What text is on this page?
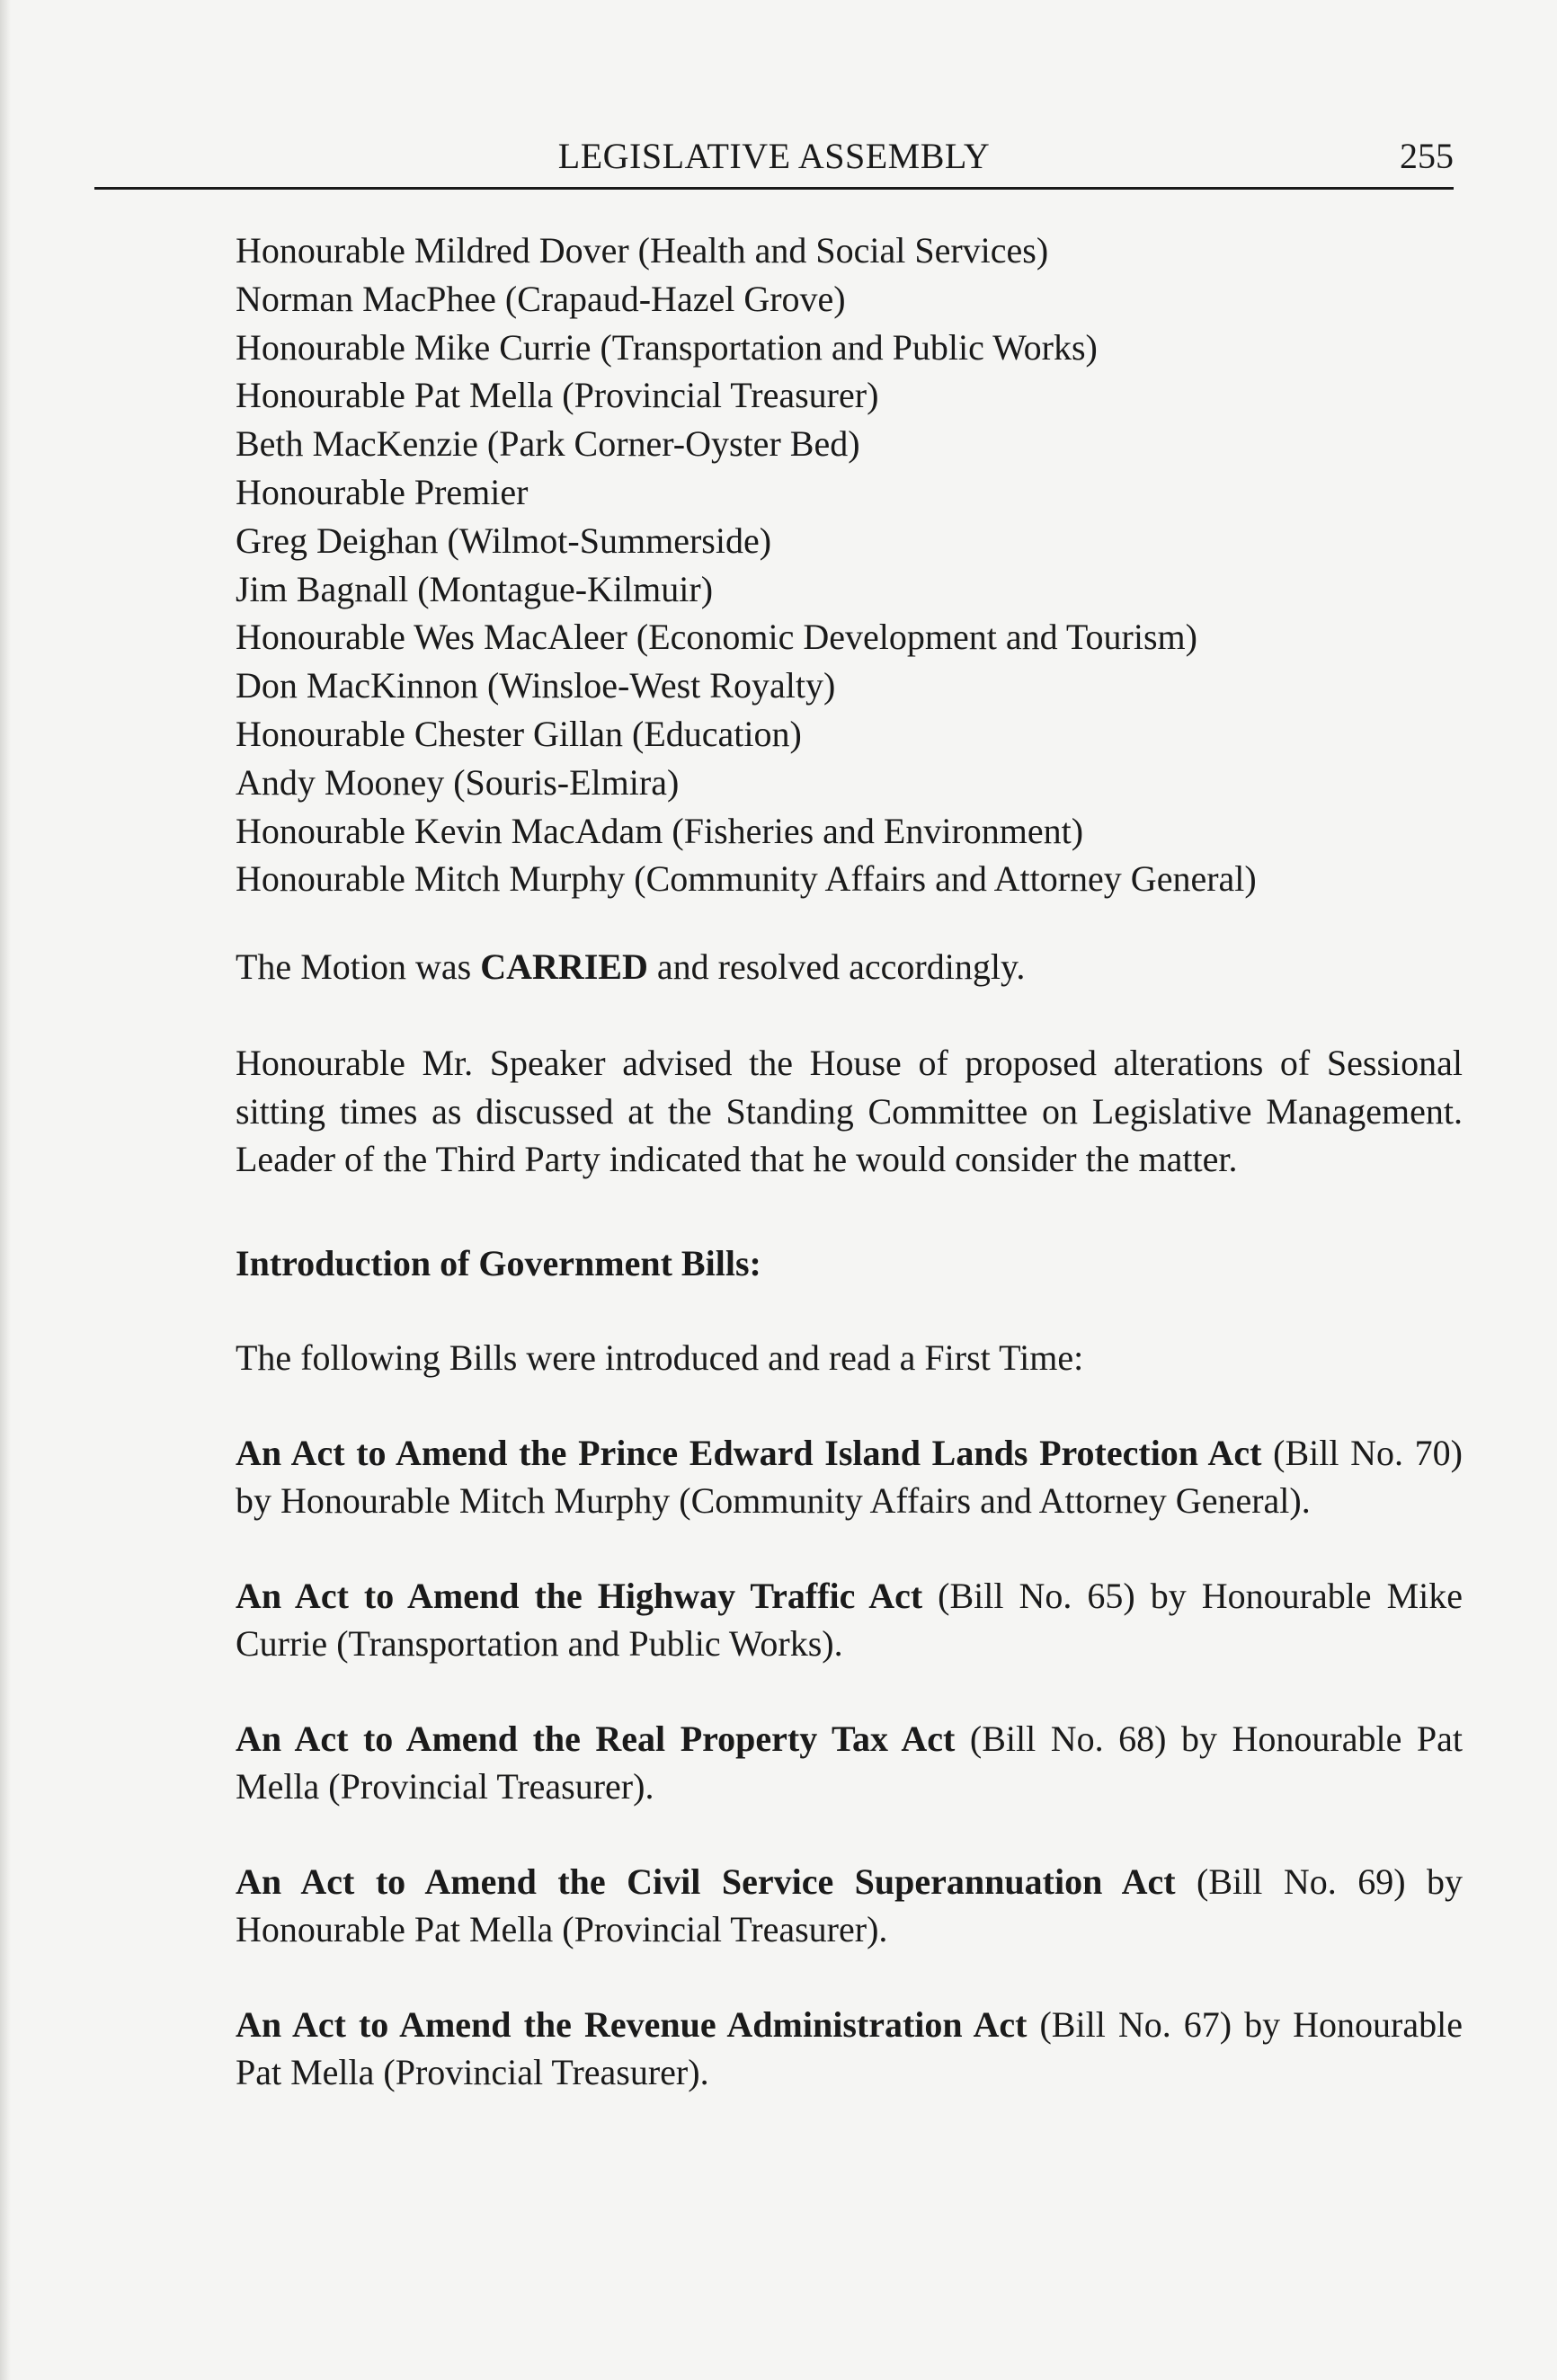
LEGISLATIVE ASSEMBLY	255
Honourable Mildred Dover (Health and Social Services)
Norman MacPhee (Crapaud-Hazel Grove)
Honourable Mike Currie (Transportation and Public Works)
Honourable Pat Mella (Provincial Treasurer)
Beth MacKenzie (Park Corner-Oyster Bed)
Honourable Premier
Greg Deighan (Wilmot-Summerside)
Jim Bagnall (Montague-Kilmuir)
Honourable Wes MacAleer (Economic Development and Tourism)
Don MacKinnon (Winsloe-West Royalty)
Honourable Chester Gillan (Education)
Andy Mooney (Souris-Elmira)
Honourable Kevin MacAdam (Fisheries and Environment)
Honourable Mitch Murphy (Community Affairs and Attorney General)

The Motion was CARRIED and resolved accordingly.

Honourable Mr. Speaker advised the House of proposed alterations of Sessional sitting times as discussed at the Standing Committee on Legislative Management. Leader of the Third Party indicated that he would consider the matter.

Introduction of Government Bills:

The following Bills were introduced and read a First Time:

An Act to Amend the Prince Edward Island Lands Protection Act (Bill No. 70) by Honourable Mitch Murphy (Community Affairs and Attorney General).

An Act to Amend the Highway Traffic Act (Bill No. 65) by Honourable Mike Currie (Transportation and Public Works).

An Act to Amend the Real Property Tax Act (Bill No. 68) by Honourable Pat Mella (Provincial Treasurer).

An Act to Amend the Civil Service Superannuation Act (Bill No. 69) by Honourable Pat Mella (Provincial Treasurer).

An Act to Amend the Revenue Administration Act (Bill No. 67) by Honourable Pat Mella (Provincial Treasurer).
